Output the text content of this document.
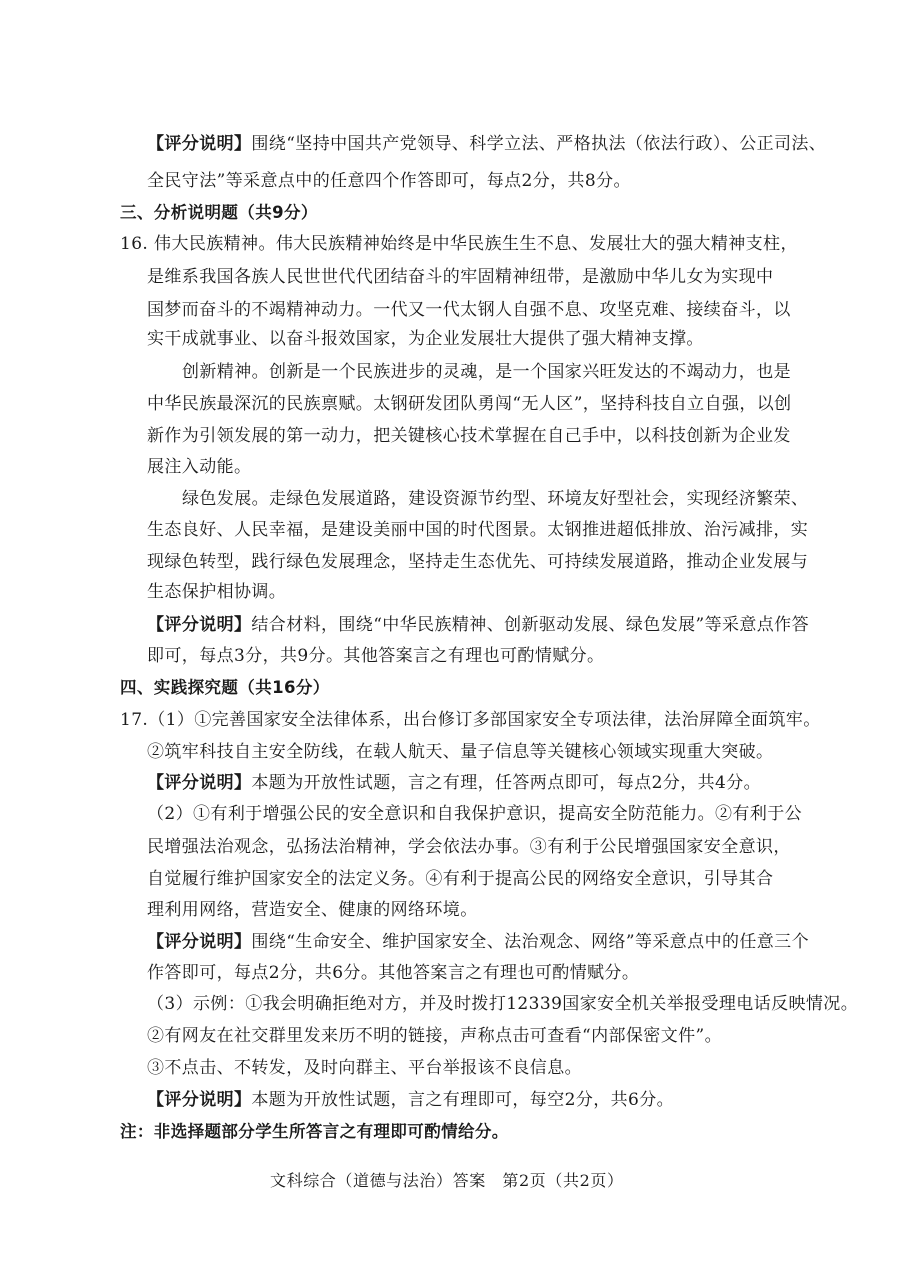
【评分说明】围绕“坚持中国共产党领导、科学立法、严格执法（依法行政）、公正司法、
全民守法”等采意点中的任意四个作答即可，每点2分，共8分。
三、分析说明题（共9分）
16. 伟大民族精神。伟大民族精神始终是中华民族生生不息、发展壮大的强大精神支柱，
是维系我国各族人民世世代代团结奋斗的牢固精神纽带，是激励中华儿女为实现中
国梦而奋斗的不竭精神动力。一代又一代太钢人自强不息、攻坚克难、接续奋斗，以
实干成就事业、以奋斗报效国家，为企业发展壮大提供了强大精神支撑。
创新精神。创新是一个民族进步的灵魂，是一个国家兴旺发达的不竭动力，也是
中华民族最深沉的民族禀赋。太钢研发团队勇闯“无人区”，坚持科技自立自强，以创
新作为引领发展的第一动力，把关键核心技术掌握在自己手中，以科技创新为企业发
展注入动能。
绿色发展。走绿色发展道路，建设资源节约型、环境友好型社会，实现经济繁荣、
生态良好、人民幸福，是建设美丽中国的时代图景。太钢推进超低排放、治污减排，实
现绿色转型，践行绿色发展理念，坚持走生态优先、可持续发展道路，推动企业发展与
生态保护相协调。
【评分说明】结合材料，围绕“中华民族精神、创新驱动发展、绿色发展”等采意点作答
即可，每点3分，共9分。其他答案言之有理也可酌情赋分。
四、实践探究题（共16分）
17.（1）①完善国家安全法律体系，出台修订多部国家安全专项法律，法治屏障全面筑牢。
②筑牢科技自主安全防线，在载人航天、量子信息等关键核心领域实现重大突破。
【评分说明】本题为开放性试题，言之有理，任答两点即可，每点2分，共4分。
（2）①有利于增强公民的安全意识和自我保护意识，提高安全防范能力。②有利于公
民增强法治观念，弘扬法治精神，学会依法办事。③有利于公民增强国家安全意识，
自觉履行维护国家安全的法定义务。④有利于提高公民的网络安全意识，引导其合
理利用网络，营造安全、健康的网络环境。
【评分说明】围绕“生命安全、维护国家安全、法治观念、网络”等采意点中的任意三个
作答即可，每点2分，共6分。其他答案言之有理也可酌情赋分。
（3）示例：①我会明确拒绝对方，并及时拨打12339国家安全机关举报受理电话反映情况。
②有网友在社交群里发来历不明的链接，声称点击可查看“内部保密文件”。
③不点击、不转发，及时向群主、平台举报该不良信息。
【评分说明】本题为开放性试题，言之有理即可，每空2分，共6分。
注：非选择题部分学生所答言之有理即可酌情给分。
文科综合（道德与法治）答案　第2页（共2页）
